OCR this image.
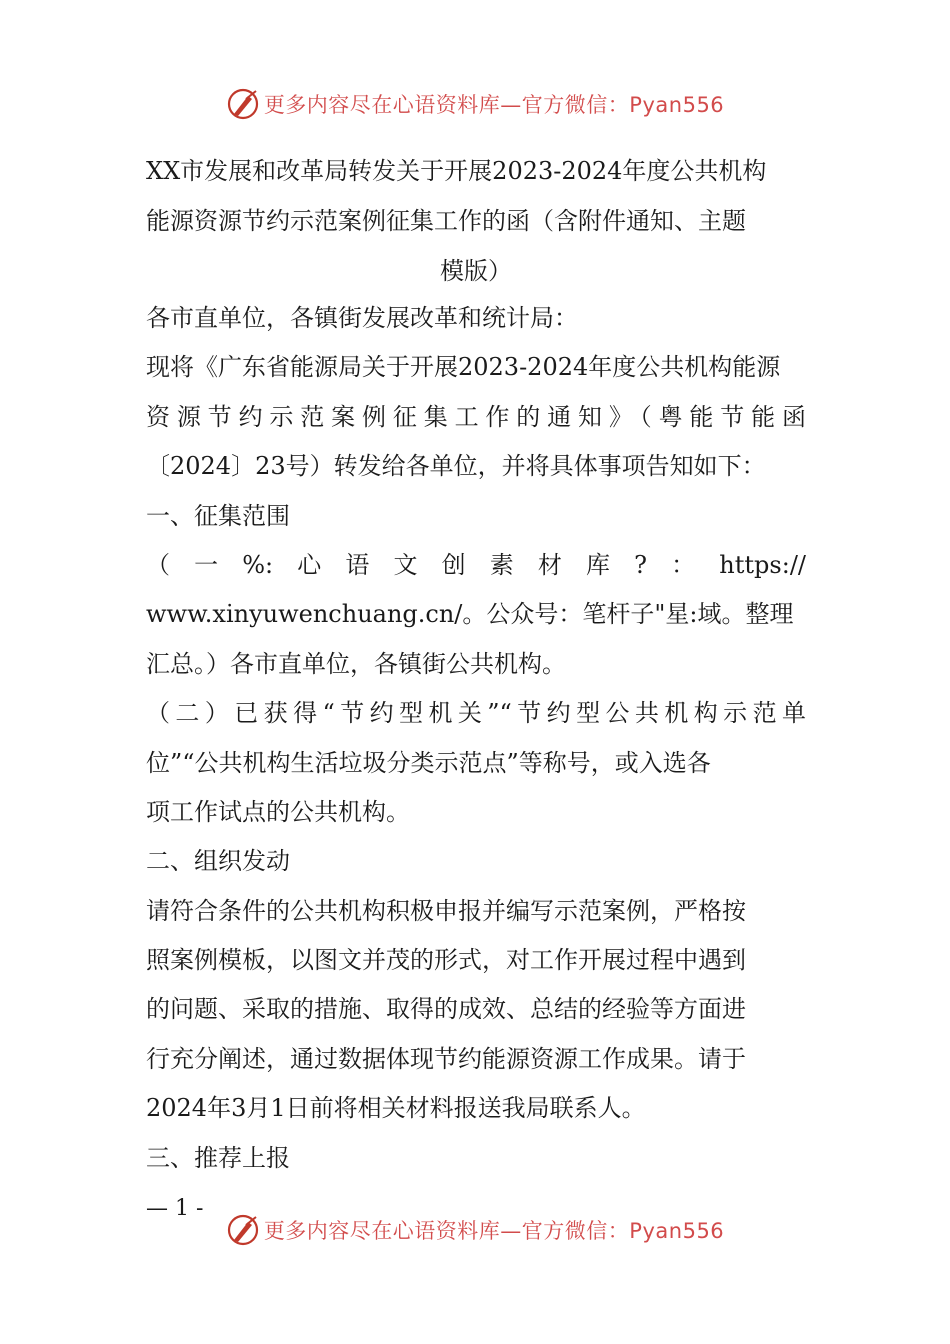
更多内容尽在心语资料库—官方微信：Pyan556
XX市发展和改革局转发关于开展2023-2024年度公共机构
能源资源节约示范案例征集工作的函（含附件通知、主题
模版）

各市直单位，各镇街发展改革和统计局：

现将《广东省能源局关于开展2023-2024年度公共机构能源

资源节约示范案例征集工作的通知》（粤能节能函

〔2024〕23号）转发给各单位，并将具体事项告知如下：

一、征集范围

（一%:心语文创素材库?：https://

www.xinyuwenchuang.cn/。公众号：笔杆子"星:域。整理

汇总。）各市直单位，各镇街公共机构。

（二）已获得“节约型机关”“节约型公共机构示范单

位”“公共机构生活垃圾分类示范点”等称号，或入选各

项工作试点的公共机构。

二、组织发动

请符合条件的公共机构积极申报并编写示范案例，严格按

照案例模板，以图文并茂的形式，对工作开展过程中遇到

的问题、采取的措施、取得的成效、总结的经验等方面进

行充分阐述，通过数据体现节约能源资源工作成果。请于

2024年3月1日前将相关材料报送我局联系人。

三、推荐上报

— 1 -
更多内容尽在心语资料库—官方微信：Pyan556
